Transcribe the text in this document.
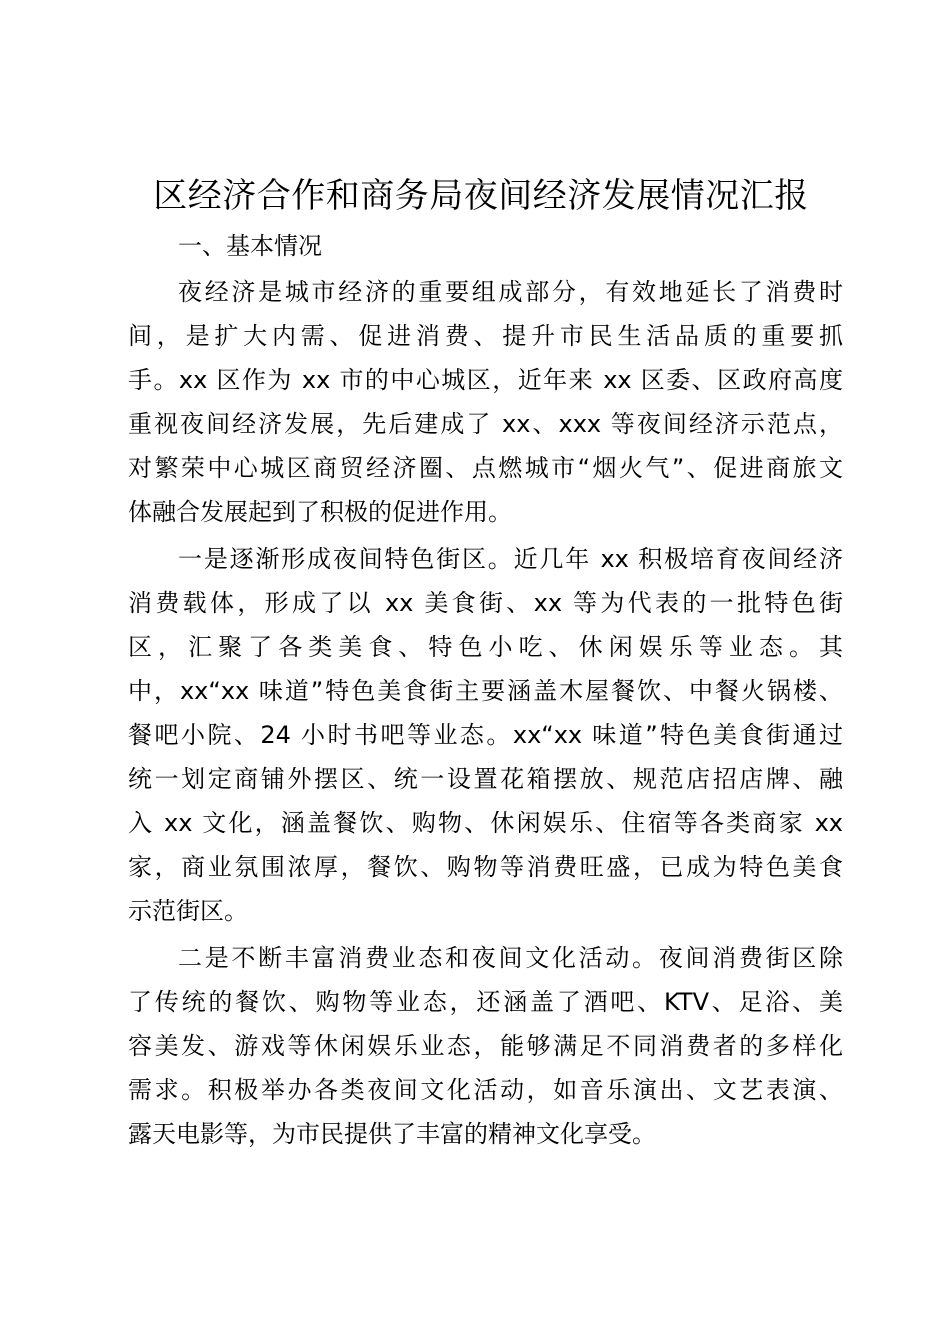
区经济合作和商务局夜间经济发展情况汇报
一、基本情况
夜经济是城市经济的重要组成部分，有效地延长了消费时
间，是扩大内需、促进消费、提升市民生活品质的重要抓
手。xx 区作为 xx 市的中心城区，近年来 xx 区委、区政府高度
重视夜间经济发展，先后建成了 xx、xxx 等夜间经济示范点，
对繁荣中心城区商贸经济圈、点燃城市“烟火气”、促进商旅文
体融合发展起到了积极的促进作用。
一是逐渐形成夜间特色街区。近几年 xx 积极培育夜间经济
消费载体，形成了以 xx 美食街、xx 等为代表的一批特色街
区，汇聚了各类美食、特色小吃、休闲娱乐等业态。其
中，xx“xx 味道”特色美食街主要涵盖木屋餐饮、中餐火锅楼、
餐吧小院、24 小时书吧等业态。xx“xx 味道”特色美食街通过
统一划定商铺外摆区、统一设置花箱摆放、规范店招店牌、融
入 xx 文化，涵盖餐饮、购物、休闲娱乐、住宿等各类商家 xx
家，商业氛围浓厚，餐饮、购物等消费旺盛，已成为特色美食
示范街区。
二是不断丰富消费业态和夜间文化活动。夜间消费街区除
了传统的餐饮、购物等业态，还涵盖了酒吧、KTV、足浴、美
容美发、游戏等休闲娱乐业态，能够满足不同消费者的多样化
需求。积极举办各类夜间文化活动，如音乐演出、文艺表演、
露天电影等，为市民提供了丰富的精神文化享受。
